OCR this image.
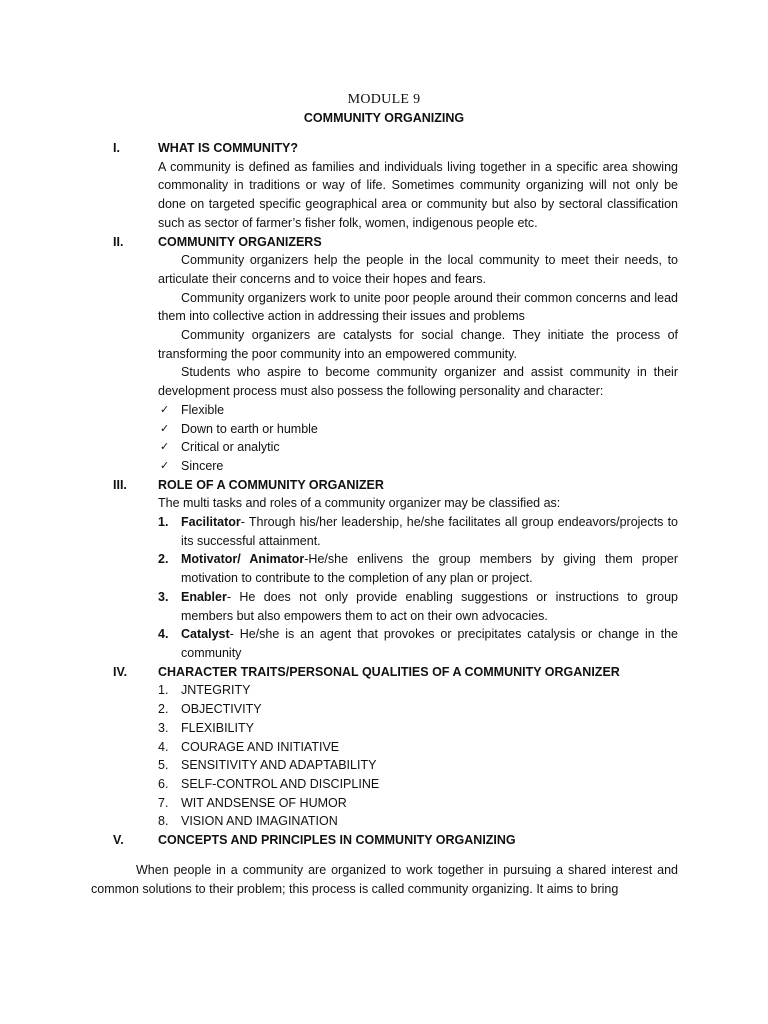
MODULE 9
COMMUNITY ORGANIZING
I.	WHAT IS COMMUNITY?
A community is defined as families and individuals living together in a specific area showing commonality in traditions or way of life. Sometimes community organizing will not only be done on targeted specific geographical area or community but also by sectoral classification such as sector of farmer’s fisher folk, women, indigenous people etc.
II.	COMMUNITY ORGANIZERS
Community organizers help the people in the local community to meet their needs, to articulate their concerns and to voice their hopes and fears.
Community organizers work to unite poor people around their common concerns and lead them into collective action in addressing their issues and problems
Community organizers are catalysts for social change. They initiate the process of transforming the poor community into an empowered community.
Students who aspire to become community organizer and assist community in their development process must also possess the following personality and character:
✓ Flexible
✓ Down to earth or humble
✓ Critical or analytic
✓ Sincere
III. ROLE OF A COMMUNITY ORGANIZER
The multi tasks and roles of a community organizer may be classified as:
1. Facilitator- Through his/her leadership, he/she facilitates all group endeavors/projects to its successful attainment.
2. Motivator/ Animator-He/she enlivens the group members by giving them proper motivation to contribute to the completion of any plan or project.
3. Enabler- He does not only provide enabling suggestions or instructions to group members but also empowers them to act on their own advocacies.
4. Catalyst- He/she is an agent that provokes or precipitates catalysis or change in the community
IV. CHARACTER TRAITS/PERSONAL QUALITIES OF A COMMUNITY ORGANIZER
1. JNTEGRITY
2. OBJECTIVITY
3. FLEXIBILITY
4. COURAGE AND INITIATIVE
5. SENSITIVITY AND ADAPTABILITY
6. SELF-CONTROL AND DISCIPLINE
7. WIT ANDSENSE OF HUMOR
8. VISION AND IMAGINATION
V.	CONCEPTS AND PRINCIPLES IN COMMUNITY ORGANIZING
When people in a community are organized to work together in pursuing a shared interest and common solutions to their problem; this process is called community organizing. It aims to bring
